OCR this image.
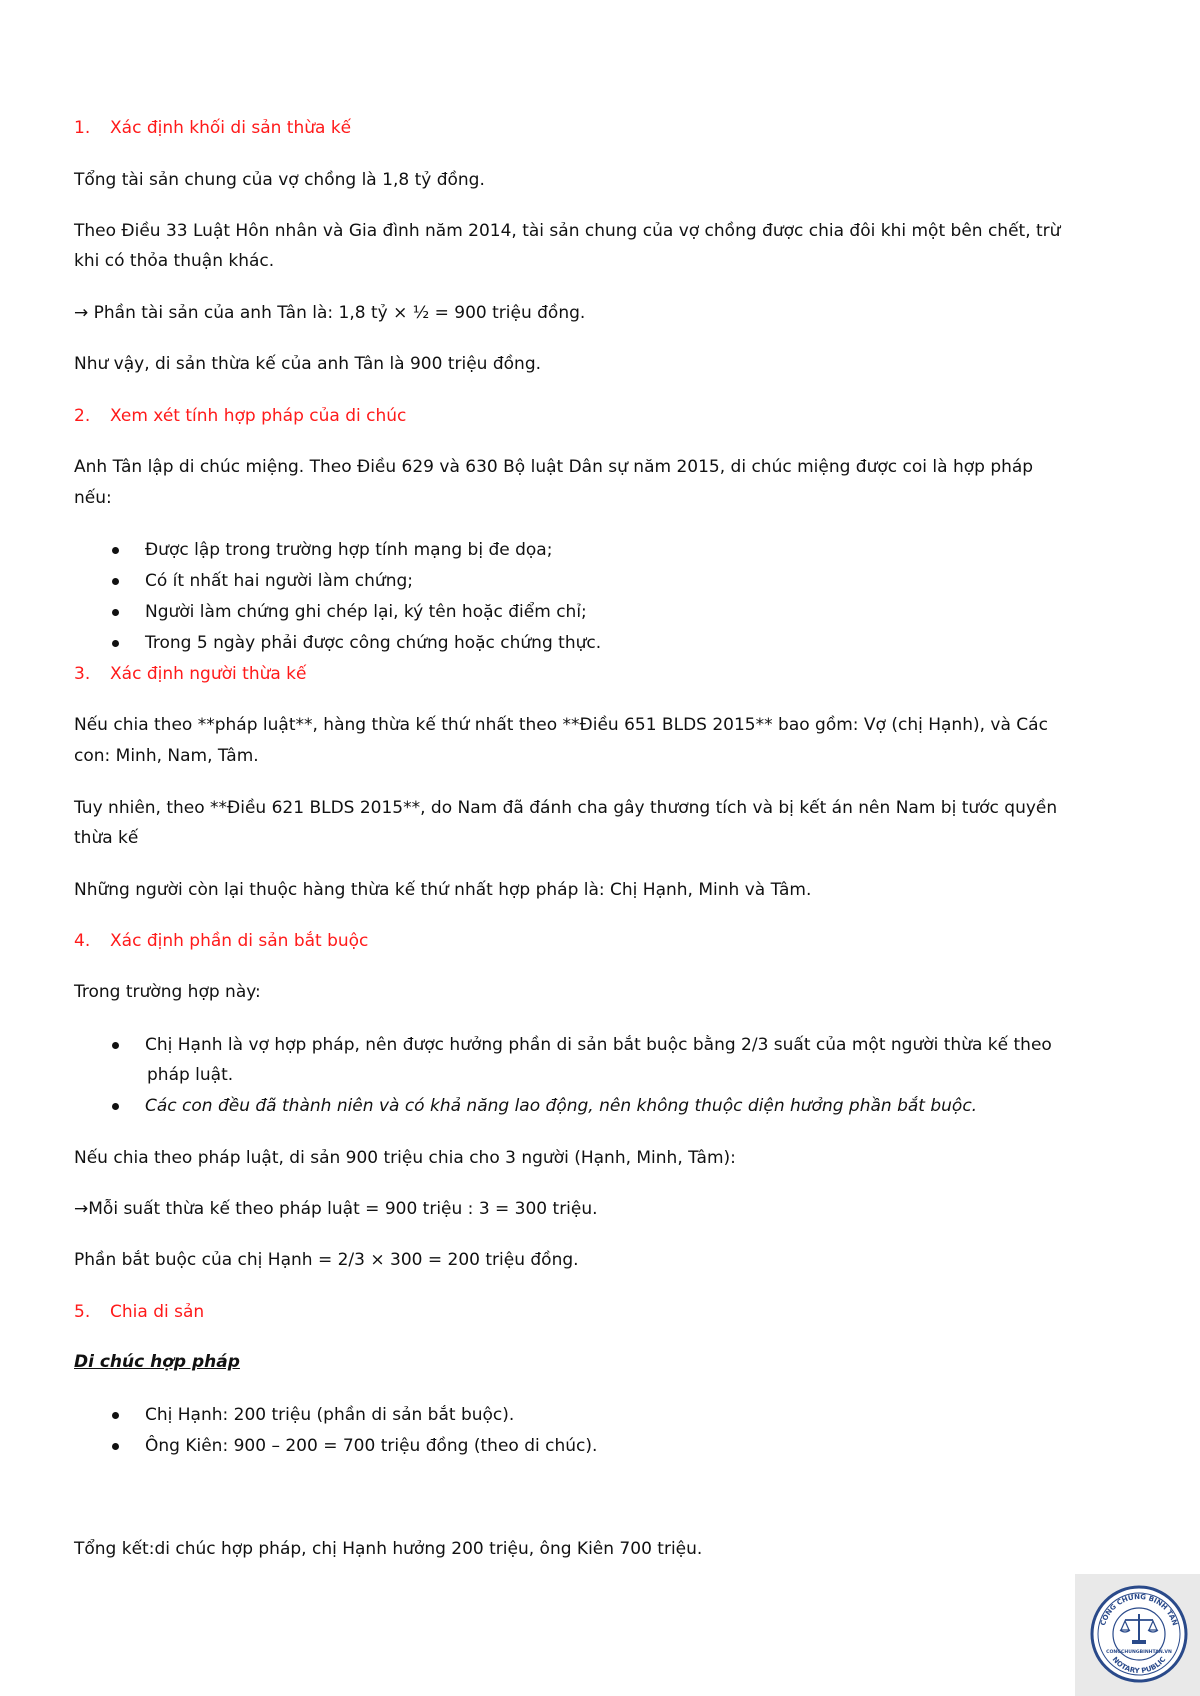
1. Xác định khối di sản thừa kế

Tổng tài sản chung của vợ chồng là 1,8 tỷ đồng.

Theo Điều 33 Luật Hôn nhân và Gia đình năm 2014, tài sản chung của vợ chồng được chia đôi khi một bên chết, trừ

khi có thỏa thuận khác.

→ Phần tài sản của anh Tân là: 1,8 tỷ × ½ = 900 triệu đồng.

Như vậy, di sản thừa kế của anh Tân là 900 triệu đồng.

2. Xem xét tính hợp pháp của di chúc

Anh Tân lập di chúc miệng. Theo Điều 629 và 630 Bộ luật Dân sự năm 2015, di chúc miệng được coi là hợp pháp

nếu:

Được lập trong trường hợp tính mạng bị đe dọa;

Có ít nhất hai người làm chứng;

Người làm chứng ghi chép lại, ký tên hoặc điểm chỉ;

Trong 5 ngày phải được công chứng hoặc chứng thực.

3. Xác định người thừa kế

Nếu chia theo **pháp luật**, hàng thừa kế thứ nhất theo **Điều 651 BLDS 2015** bao gồm: Vợ (chị Hạnh), và Các

con: Minh, Nam, Tâm.

Tuy nhiên, theo **Điều 621 BLDS 2015**, do Nam đã đánh cha gây thương tích và bị kết án nên Nam bị tước quyền

thừa kế

Những người còn lại thuộc hàng thừa kế thứ nhất hợp pháp là: Chị Hạnh, Minh và Tâm.

4. Xác định phần di sản bắt buộc

Trong trường hợp này:

Chị Hạnh là vợ hợp pháp, nên được hưởng phần di sản bắt buộc bằng 2/3 suất của một người thừa kế theo

pháp luật.

Các con đều đã thành niên và có khả năng lao động, nên không thuộc diện hưởng phần bắt buộc.

Nếu chia theo pháp luật, di sản 900 triệu chia cho 3 người (Hạnh, Minh, Tâm):

→Mỗi suất thừa kế theo pháp luật = 900 triệu : 3 = 300 triệu.

Phần bắt buộc của chị Hạnh = 2/3 × 300 = 200 triệu đồng.

5. Chia di sản

Di chúc hợp pháp

Chị Hạnh: 200 triệu (phần di sản bắt buộc).

Ông Kiên: 900 – 200 = 700 triệu đồng (theo di chúc).

Tổng kết:di chúc hợp pháp, chị Hạnh hưởng 200 triệu, ông Kiên 700 triệu.

CÔNG CHỨNG BÌNH TÂN
NOTARY PUBLIC
CONGCHUNGBINHTAN.VN
